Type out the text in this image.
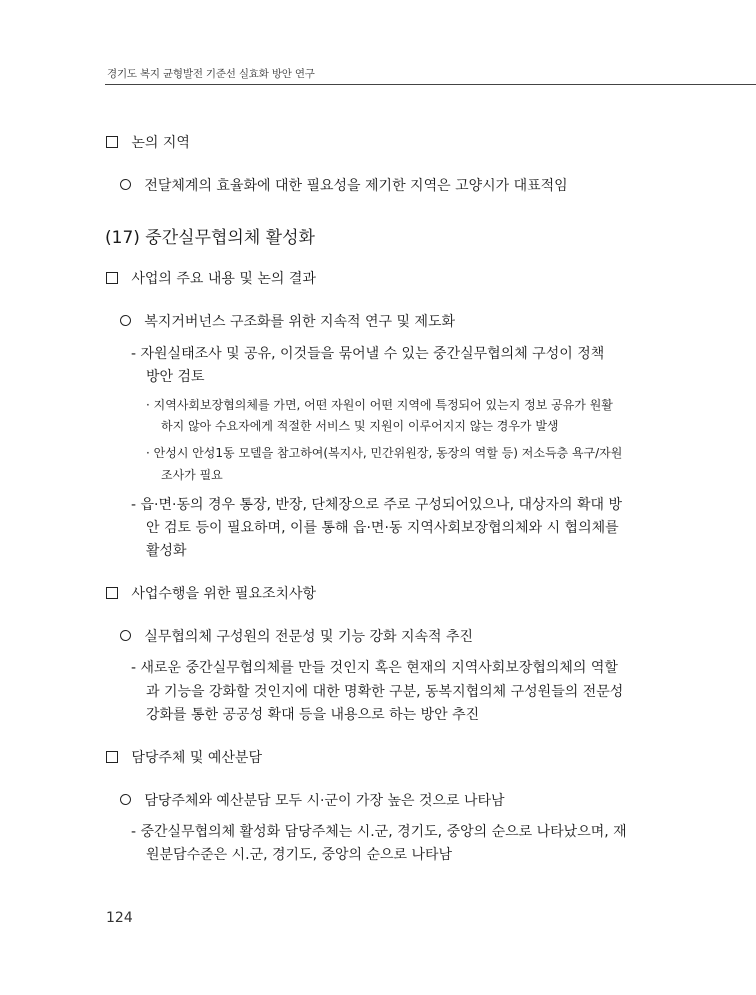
경기도 복지 균형발전 기준선 실효화 방안 연구
논의 지역
전달체계의 효율화에 대한 필요성을 제기한 지역은 고양시가 대표적임
(17) 중간실무협의체 활성화
사업의 주요 내용 및 논의 결과
복지거버넌스 구조화를 위한 지속적 연구 및 제도화
- 자원실태조사 및 공유, 이것들을 묶어낼 수 있는 중간실무협의체 구성이 정책
방안 검토
· 지역사회보장협의체를 가면, 어떤 자원이 어떤 지역에 특정되어 있는지 정보 공유가 원활
하지 않아 수요자에게 적절한 서비스 및 지원이 이루어지지 않는 경우가 발생
· 안성시 안성1동 모델을 참고하여(복지사, 민간위원장, 동장의 역할 등) 저소득층 욕구/자원
조사가 필요
- 읍·면·동의 경우 통장, 반장, 단체장으로 주로 구성되어있으나, 대상자의 확대 방
안 검토 등이 필요하며, 이를 통해 읍·면·동 지역사회보장협의체와 시 협의체를
활성화
사업수행을 위한 필요조치사항
실무협의체 구성원의 전문성 및 기능 강화 지속적 추진
- 새로운 중간실무협의체를 만들 것인지 혹은 현재의 지역사회보장협의체의 역할
과 기능을 강화할 것인지에 대한 명확한 구분, 동복지협의체 구성원들의 전문성
강화를 통한 공공성 확대 등을 내용으로 하는 방안 추진
담당주체 및 예산분담
담당주체와 예산분담 모두 시·군이 가장 높은 것으로 나타남
- 중간실무협의체 활성화 담당주체는 시.군, 경기도, 중앙의 순으로 나타났으며, 재
원분담수준은 시.군, 경기도, 중앙의 순으로 나타남
124
